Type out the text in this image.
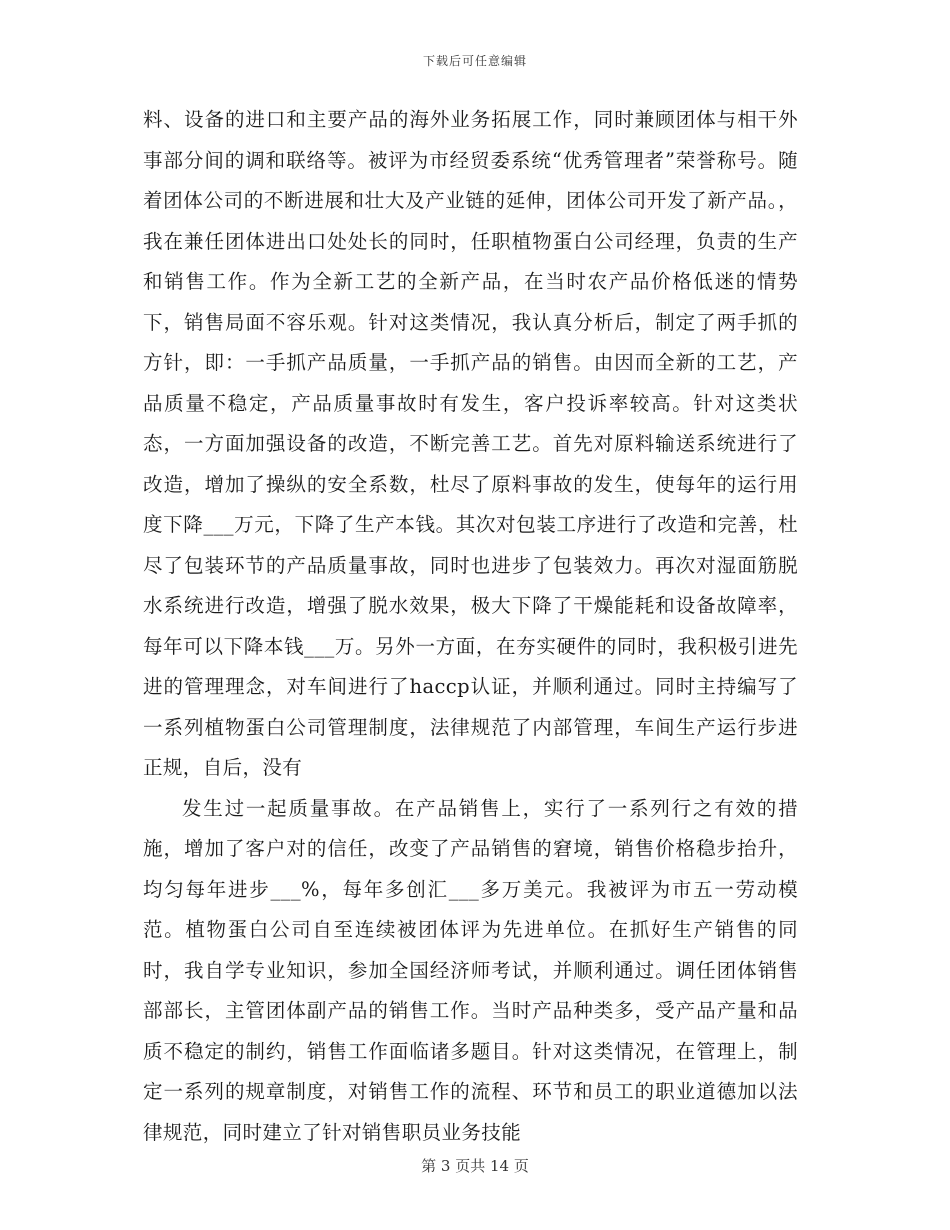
下载后可任意编辑

料、设备的进口和主要产品的海外业务拓展工作，同时兼顾团体与相干外事部分间的调和联络等。被评为市经贸委系统“优秀管理者”荣誉称号。随着团体公司的不断进展和壮大及产业链的延伸，团体公司开发了新产品。，我在兼任团体进出口处处长的同时，任职植物蛋白公司经理，负责的生产和销售工作。作为全新工艺的全新产品，在当时农产品价格低迷的情势下，销售局面不容乐观。针对这类情况，我认真分析后，制定了两手抓的方针，即：一手抓产品质量，一手抓产品的销售。由因而全新的工艺，产品质量不稳定，产品质量事故时有发生，客户投诉率较高。针对这类状态，一方面加强设备的改造，不断完善工艺。首先对原料输送系统进行了改造，增加了操纵的安全系数，杜尽了原料事故的发生，使每年的运行用度下降___万元，下降了生产本钱。其次对包装工序进行了改造和完善，杜尽了包装环节的产品质量事故，同时也进步了包装效力。再次对湿面筋脱水系统进行改造，增强了脱水效果，极大下降了干燥能耗和设备故障率，每年可以下降本钱___万。另外一方面，在夯实硬件的同时，我积极引进先进的管理理念，对车间进行了haccp认证，并顺利通过。同时主持编写了一系列植物蛋白公司管理制度，法律规范了内部管理，车间生产运行步进正规，自后，没有

发生过一起质量事故。在产品销售上，实行了一系列行之有效的措施，增加了客户对的信任，改变了产品销售的窘境，销售价格稳步抬升，均匀每年进步___%，每年多创汇___多万美元。我被评为市五一劳动模范。植物蛋白公司自至连续被团体评为先进单位。在抓好生产销售的同时，我自学专业知识，参加全国经济师考试，并顺利通过。调任团体销售部部长，主管团体副产品的销售工作。当时产品种类多，受产品产量和品质不稳定的制约，销售工作面临诸多题目。针对这类情况，在管理上，制定一系列的规章制度，对销售工作的流程、环节和员工的职业道德加以法律规范，同时建立了针对销售职员业务技能

第 3 页共 14 页
